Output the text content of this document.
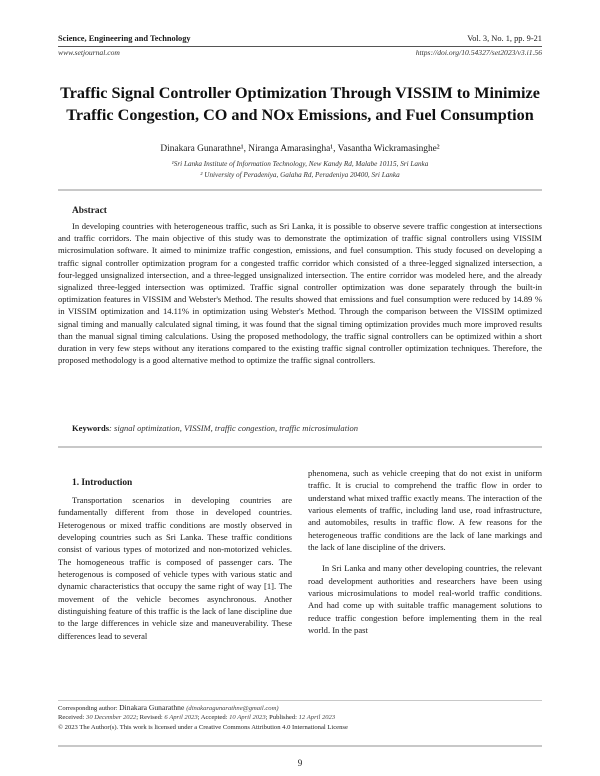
Science, Engineering and Technology	Vol. 3, No. 1, pp. 9-21
www.setjournal.com	https://doi.org/10.54327/set2023/v3.i1.56
Traffic Signal Controller Optimization Through VISSIM to Minimize
Traffic Congestion, CO and NOx Emissions, and Fuel Consumption
Dinakara Gunarathne¹, Niranga Amarasingha¹, Vasantha Wickramasinghe²
¹Sri Lanka Institute of Information Technology, New Kandy Rd, Malabe 10115, Sri Lanka
² University of Peradeniya, Galaha Rd, Peradeniya 20400, Sri Lanka
Abstract
In developing countries with heterogeneous traffic, such as Sri Lanka, it is possible to observe severe traffic congestion at intersections and traffic corridors. The main objective of this study was to demonstrate the optimization of traffic signal controllers using VISSIM microsimulation software. It aimed to minimize traffic congestion, emissions, and fuel consumption. This study focused on developing a traffic signal controller optimization program for a congested traffic corridor which consisted of a three-legged signalized intersection, a four-legged unsignalized intersection, and a three-legged unsignalized intersection. The entire corridor was modeled here, and the already signalized three-legged intersection was optimized. Traffic signal controller optimization was done separately through the built-in optimization features in VISSIM and Webster's Method. The results showed that emissions and fuel consumption were reduced by 14.89 % in VISSIM optimization and 14.11% in optimization using Webster's Method. Through the comparison between the VISSIM optimized signal timing and manually calculated signal timing, it was found that the signal timing optimization provides much more improved results than the manual signal timing calculations. Using the proposed methodology, the traffic signal controllers can be optimized within a short duration in very few steps without any iterations compared to the existing traffic signal controller optimization techniques. Therefore, the proposed methodology is a good alternative method to optimize the traffic signal controllers.
Keywords: signal optimization, VISSIM, traffic congestion, traffic microsimulation
1. Introduction

Transportation scenarios in developing countries are fundamentally different from those in developed countries. Heterogenous or mixed traffic conditions are mostly observed in developing countries such as Sri Lanka. These traffic conditions consist of various types of motorized and non-motorized vehicles. The homogeneous traffic is composed of passenger cars. The heterogenous is composed of vehicle types with various static and dynamic characteristics that occupy the same right of way [1]. The movement of the vehicle becomes asynchronous. Another distinguishing feature of this traffic is the lack of lane discipline due to the large differences in vehicle size and maneuverability. These differences lead to several

phenomena, such as vehicle creeping that do not exist in uniform traffic. It is crucial to comprehend the traffic flow in order to understand what mixed traffic exactly means. The interaction of the various elements of traffic, including land use, road infrastructure, and automobiles, results in traffic flow. A few reasons for the heterogeneous traffic conditions are the lack of lane markings and the lack of lane discipline of the drivers.

In Sri Lanka and many other developing countries, the relevant road development authorities and researchers have been using various microsimulations to model real-world traffic conditions. And had come up with suitable traffic management solutions to reduce traffic congestion before implementing them in the real world. In the past

Corresponding author: Dinakara Gunarathne (dinakaragunarathne@gmail.com)
Received: 30 December 2022; Revised: 6 April 2023; Accepted: 10 April 2023; Published: 12 April 2023
© 2023 The Author(s). This work is licensed under a Creative Commons Attribution 4.0 International License
9
